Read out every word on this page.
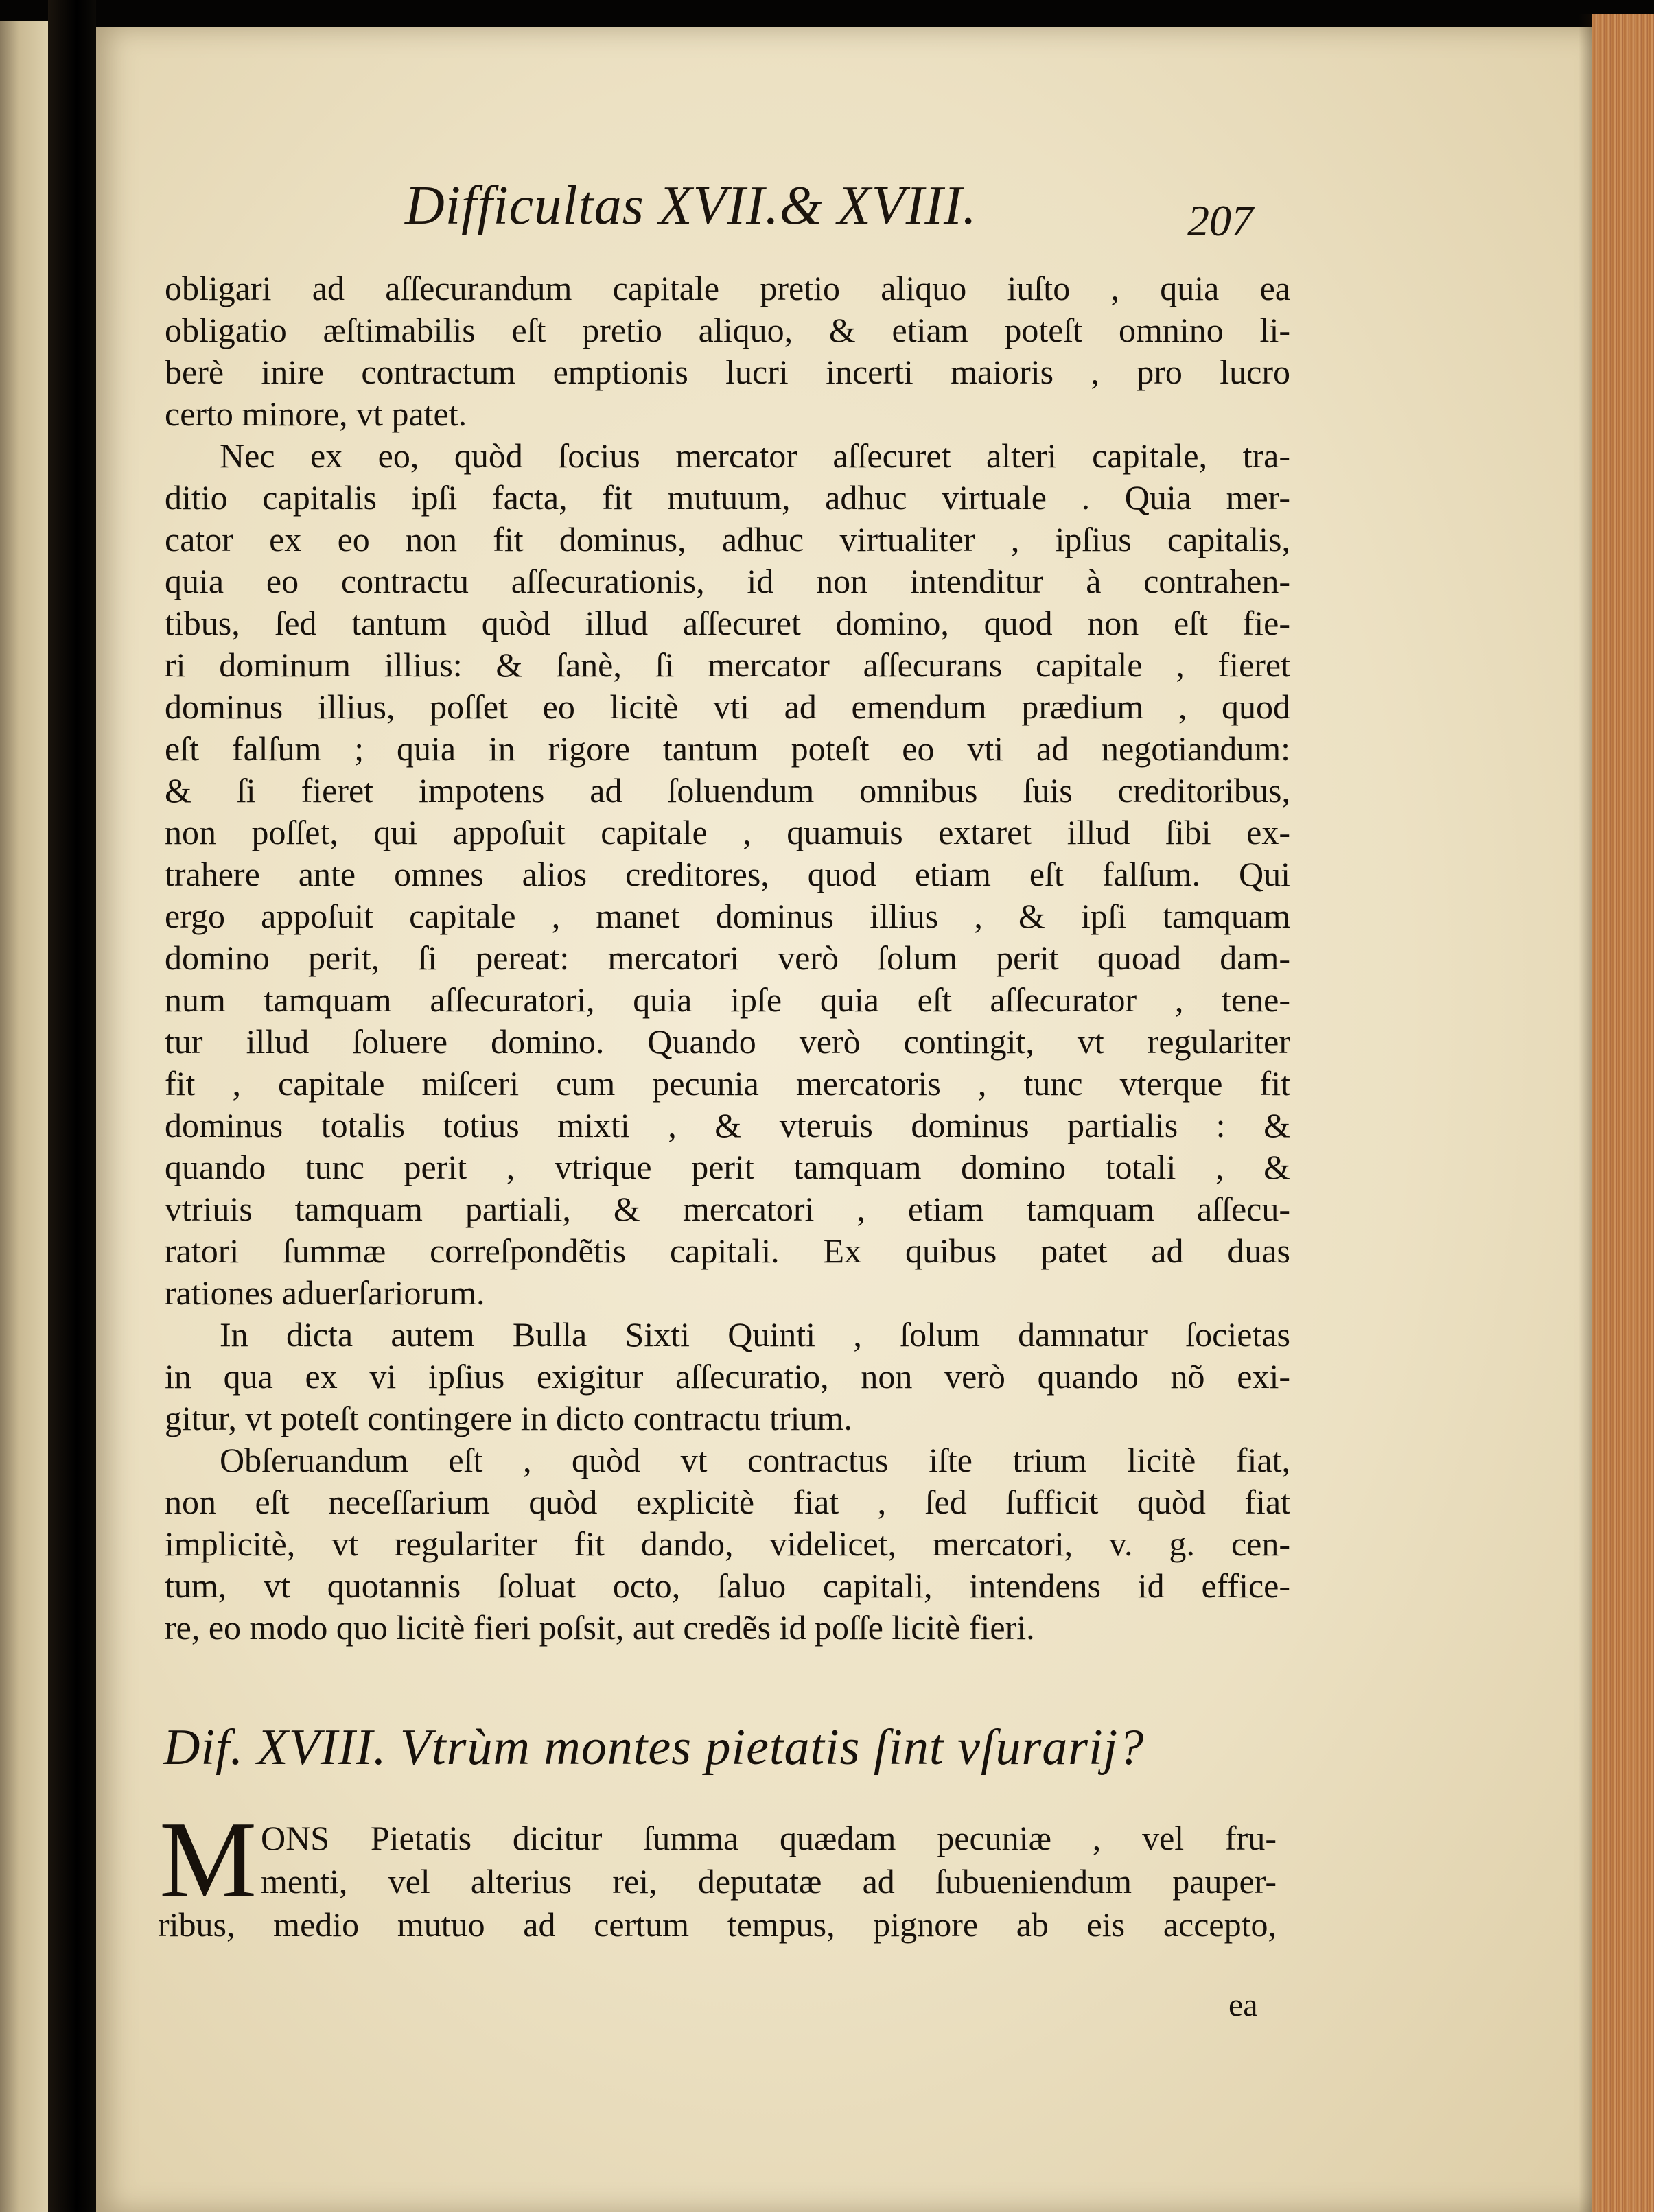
Difficultas XVII.& XVIII.	207
obligari ad aſſecurandum capitale pretio aliquo iuſto , quia ea
obligatio æſtimabilis eſt pretio aliquo, & etiam poteſt omnino li-
berè inire contractum emptionis lucri incerti maioris , pro lucro
certo minore, vt patet.
Nec ex eo, quòd ſocius mercator aſſecuret alteri capitale, tra-
ditio capitalis ipſi facta, fit mutuum, adhuc virtuale . Quia mer-
cator ex eo non fit dominus, adhuc virtualiter , ipſius capitalis,
quia eo contractu aſſecurationis, id non intenditur à contrahen-
tibus, ſed tantum quòd illud aſſecuret domino, quod non eſt fie-
ri dominum illius: & ſanè, ſi mercator aſſecurans capitale , fieret
dominus illius, poſſet eo licitè vti ad emendum prædium , quod
eſt falſum ; quia in rigore tantum poteſt eo vti ad negotiandum:
& ſi fieret impotens ad ſoluendum omnibus ſuis creditoribus,
non poſſet, qui appoſuit capitale , quamuis extaret illud ſibi ex-
trahere ante omnes alios creditores, quod etiam eſt falſum. Qui
ergo appoſuit capitale , manet dominus illius , & ipſi tamquam
domino perit, ſi pereat: mercatori verò ſolum perit quoad dam-
num tamquam aſſecuratori, quia ipſe quia eſt aſſecurator , tene-
tur illud ſoluere domino. Quando verò contingit, vt regulariter
fit , capitale miſceri cum pecunia mercatoris , tunc vterque fit
dominus totalis totius mixti , & vteruis dominus partialis : &
quando tunc perit , vtrique perit tamquam domino totali , &
vtriuis tamquam partiali, & mercatori , etiam tamquam aſſecu-
ratori ſummæ correſpondẽtis capitali. Ex quibus patet ad duas
rationes aduerſariorum.
In dicta autem Bulla Sixti Quinti , ſolum damnatur ſocietas
in qua ex vi ipſius exigitur aſſecuratio, non verò quando nõ exi-
gitur, vt poteſt contingere in dicto contractu trium.
Obſeruandum eſt , quòd vt contractus iſte trium licitè fiat,
non eſt neceſſarium quòd explicitè fiat , ſed ſufficit quòd fiat
implicitè, vt regulariter fit dando, videlicet, mercatori, v. g. cen-
tum, vt quotannis ſoluat octo, ſaluo capitali, intendens id effice-
re, eo modo quo licitè fieri poſsit, aut credẽs id poſſe licitè fieri.
Dif. XVIII. Vtrùm montes pietatis ſint vſurarij?
M ONS Pietatis dicitur ſumma quædam pecuniæ , vel fru-
menti, vel alterius rei, deputatæ ad ſubueniendum pauper-
ribus, medio mutuo ad certum tempus, pignore ab eis accepto,
ea
